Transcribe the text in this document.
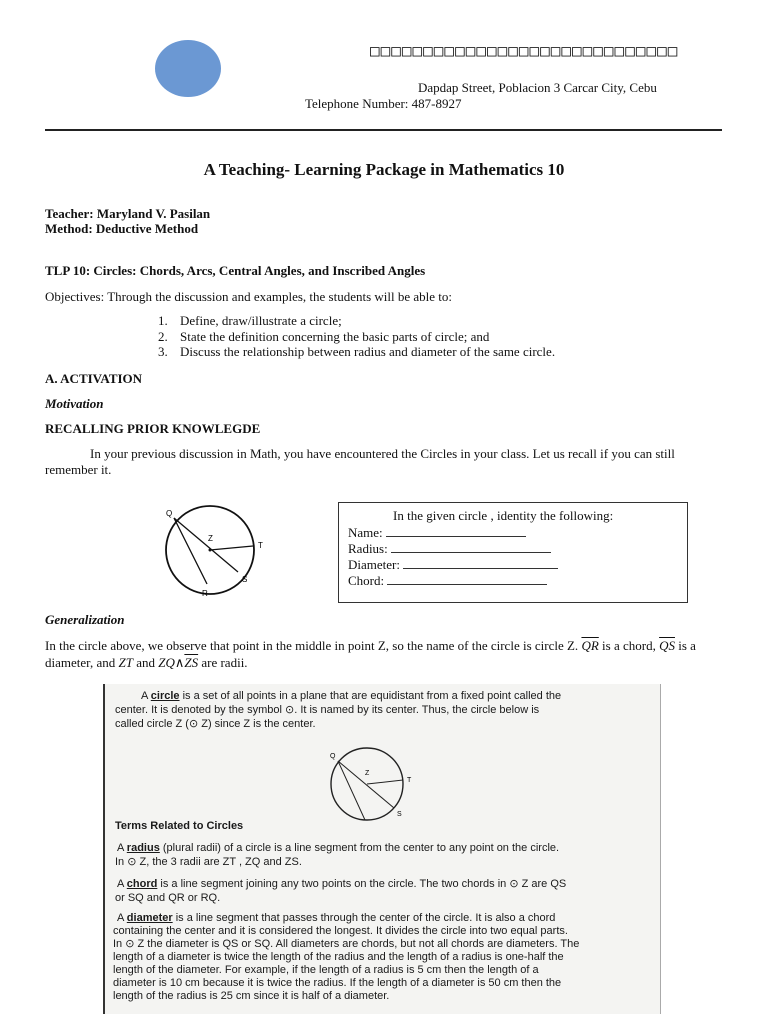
□□□□□□□□□□□□□□□□□□□□□□□□□□□□□
Dapdap Street, Poblacion 3 Carcar City, Cebu
Telephone Number: 487-8927
A Teaching- Learning Package in Mathematics 10
Teacher: Maryland V. Pasilan
Method: Deductive Method
TLP 10: Circles: Chords, Arcs, Central Angles, and Inscribed Angles
Objectives: Through the discussion and examples, the students will be able to:
1. Define, draw/illustrate a circle;
2. State the definition concerning the basic parts of circle; and
3. Discuss the relationship between radius and diameter of the same circle.
A. ACTIVATION
Motivation
RECALLING PRIOR KNOWLEGDE
In your previous discussion in Math, you have encountered the Circles in your class. Let us recall if you can still remember it.
Q
Z
T
S
R
In the given circle , identity the following:
Name:
Radius:
Diameter:
Chord:
Generalization
In the circle above, we observe that point in the middle in point Z, so the name of the circle is circle Z. $\overline{QR}$ is a chord, $\overline{QS}$ is a diameter, and ZT and $ZQ\wedge\overline{ZS}$ are radii.
A circle is a set of all points in a plane that are equidistant from a fixed point called the
center. It is denoted by the symbol ⊙. It is named by its center. Thus, the circle below is
called circle Z (⊙ Z) since Z is the center.
Q
Z
T
S
Terms Related to Circles
A radius (plural radii) of a circle is a line segment from the center to any point on the circle.
In ⊙ Z, the 3 radii are ZT , ZQ and ZS.
A chord is a line segment joining any two points on the circle. The two chords in ⊙ Z are QS
or SQ and QR or RQ.
A diameter is a line segment that passes through the center of the circle. It is also a chord
containing the center and it is considered the longest. It divides the circle into two equal parts.
In ⊙ Z the diameter is QS or SQ. All diameters are chords, but not all chords are diameters. The
length of a diameter is twice the length of the radius and the length of a radius is one-half the
length of the diameter. For example, if the length of a radius is 5 cm then the length of a
diameter is 10 cm because it is twice the radius. If the length of a diameter is 50 cm then the
length of the radius is 25 cm since it is half of a diameter.
